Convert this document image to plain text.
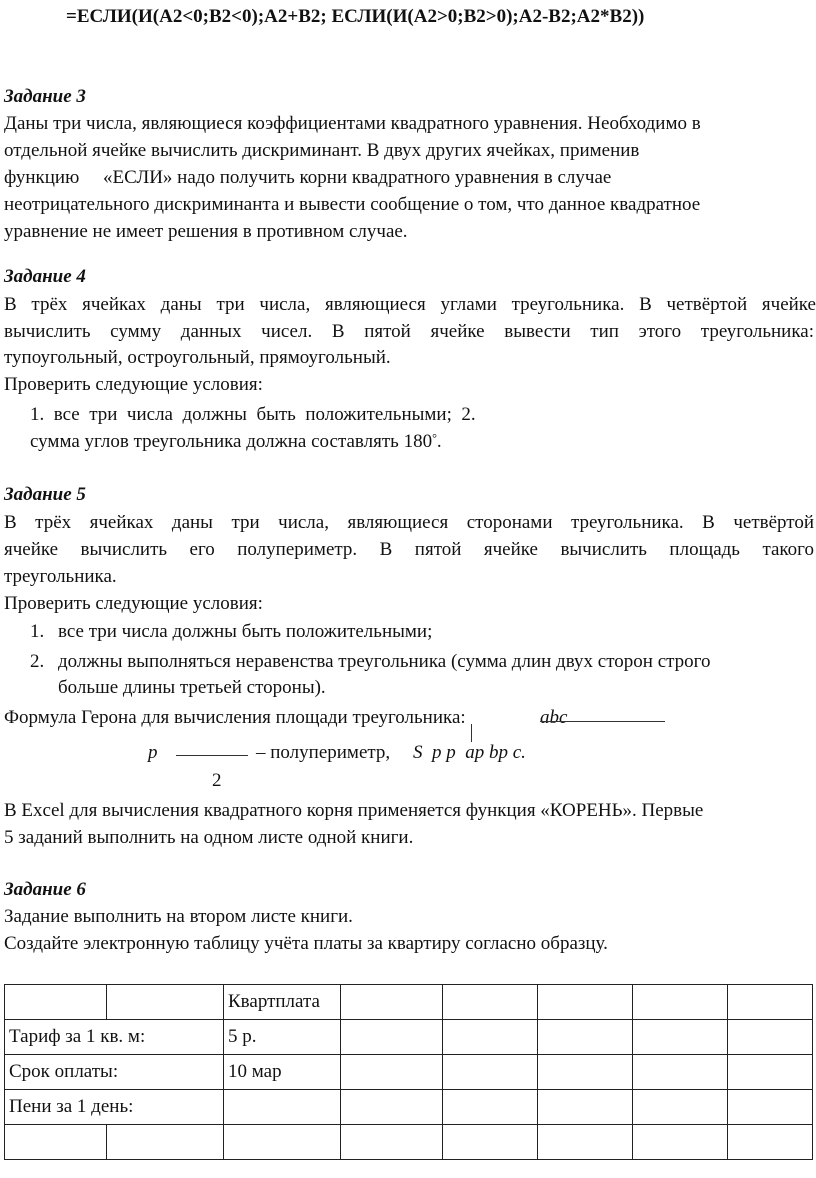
=ЕСЛИ(И(A2<0;B2<0);A2+B2; ЕСЛИ(И(A2>0;B2>0);A2-B2;A2*B2))
Задание 3
Даны три числа, являющиеся коэффициентами квадратного уравнения. Необходимо в
отдельной ячейке вычислить дискриминант. В двух других ячейках, применив
функцию     «ЕСЛИ» надо получить корни квадратного уравнения в случае
неотрицательного дискриминанта и вывести сообщение о том, что данное квадратное
уравнение не имеет решения в противном случае.
Задание 4
В трёх ячейках даны три числа, являющиеся углами треугольника. В четвёртой ячейке
вычислить сумму данных чисел. В пятой ячейке вывести тип этого треугольника:
тупоугольный, остроугольный, прямоугольный.
Проверить следующие условия:
1.  все  три  числа  должны  быть  положительными;  2.
сумма углов треугольника должна составлять 180°.
Задание 5
В трёх ячейках даны три числа, являющиеся сторонами треугольника. В четвёртой
ячейке вычислить его полупериметр. В пятой ячейке вычислить площадь такого
треугольника.
Проверить следующие условия:
1. все три числа должны быть положительными;
2. должны выполняться неравенства треугольника (сумма длин двух сторон строго
больше длины третьей стороны).
Формула Герона для вычисления площади треугольника:	abc
p	– полупериметр, S  p p  ap bp c.
2
В Excel для вычисления квадратного корня применяется функция «КОРЕНЬ». Первые
5 заданий выполнить на одном листе одной книги.
Задание 6
Задание выполнить на втором листе книги.
Создайте электронную таблицу учёта платы за квартиру согласно образцу.
		Квартплата					
Тариф за 1 кв. м:		5 р.					
Срок оплаты:		10 мар					
Пени за 1 день:							
